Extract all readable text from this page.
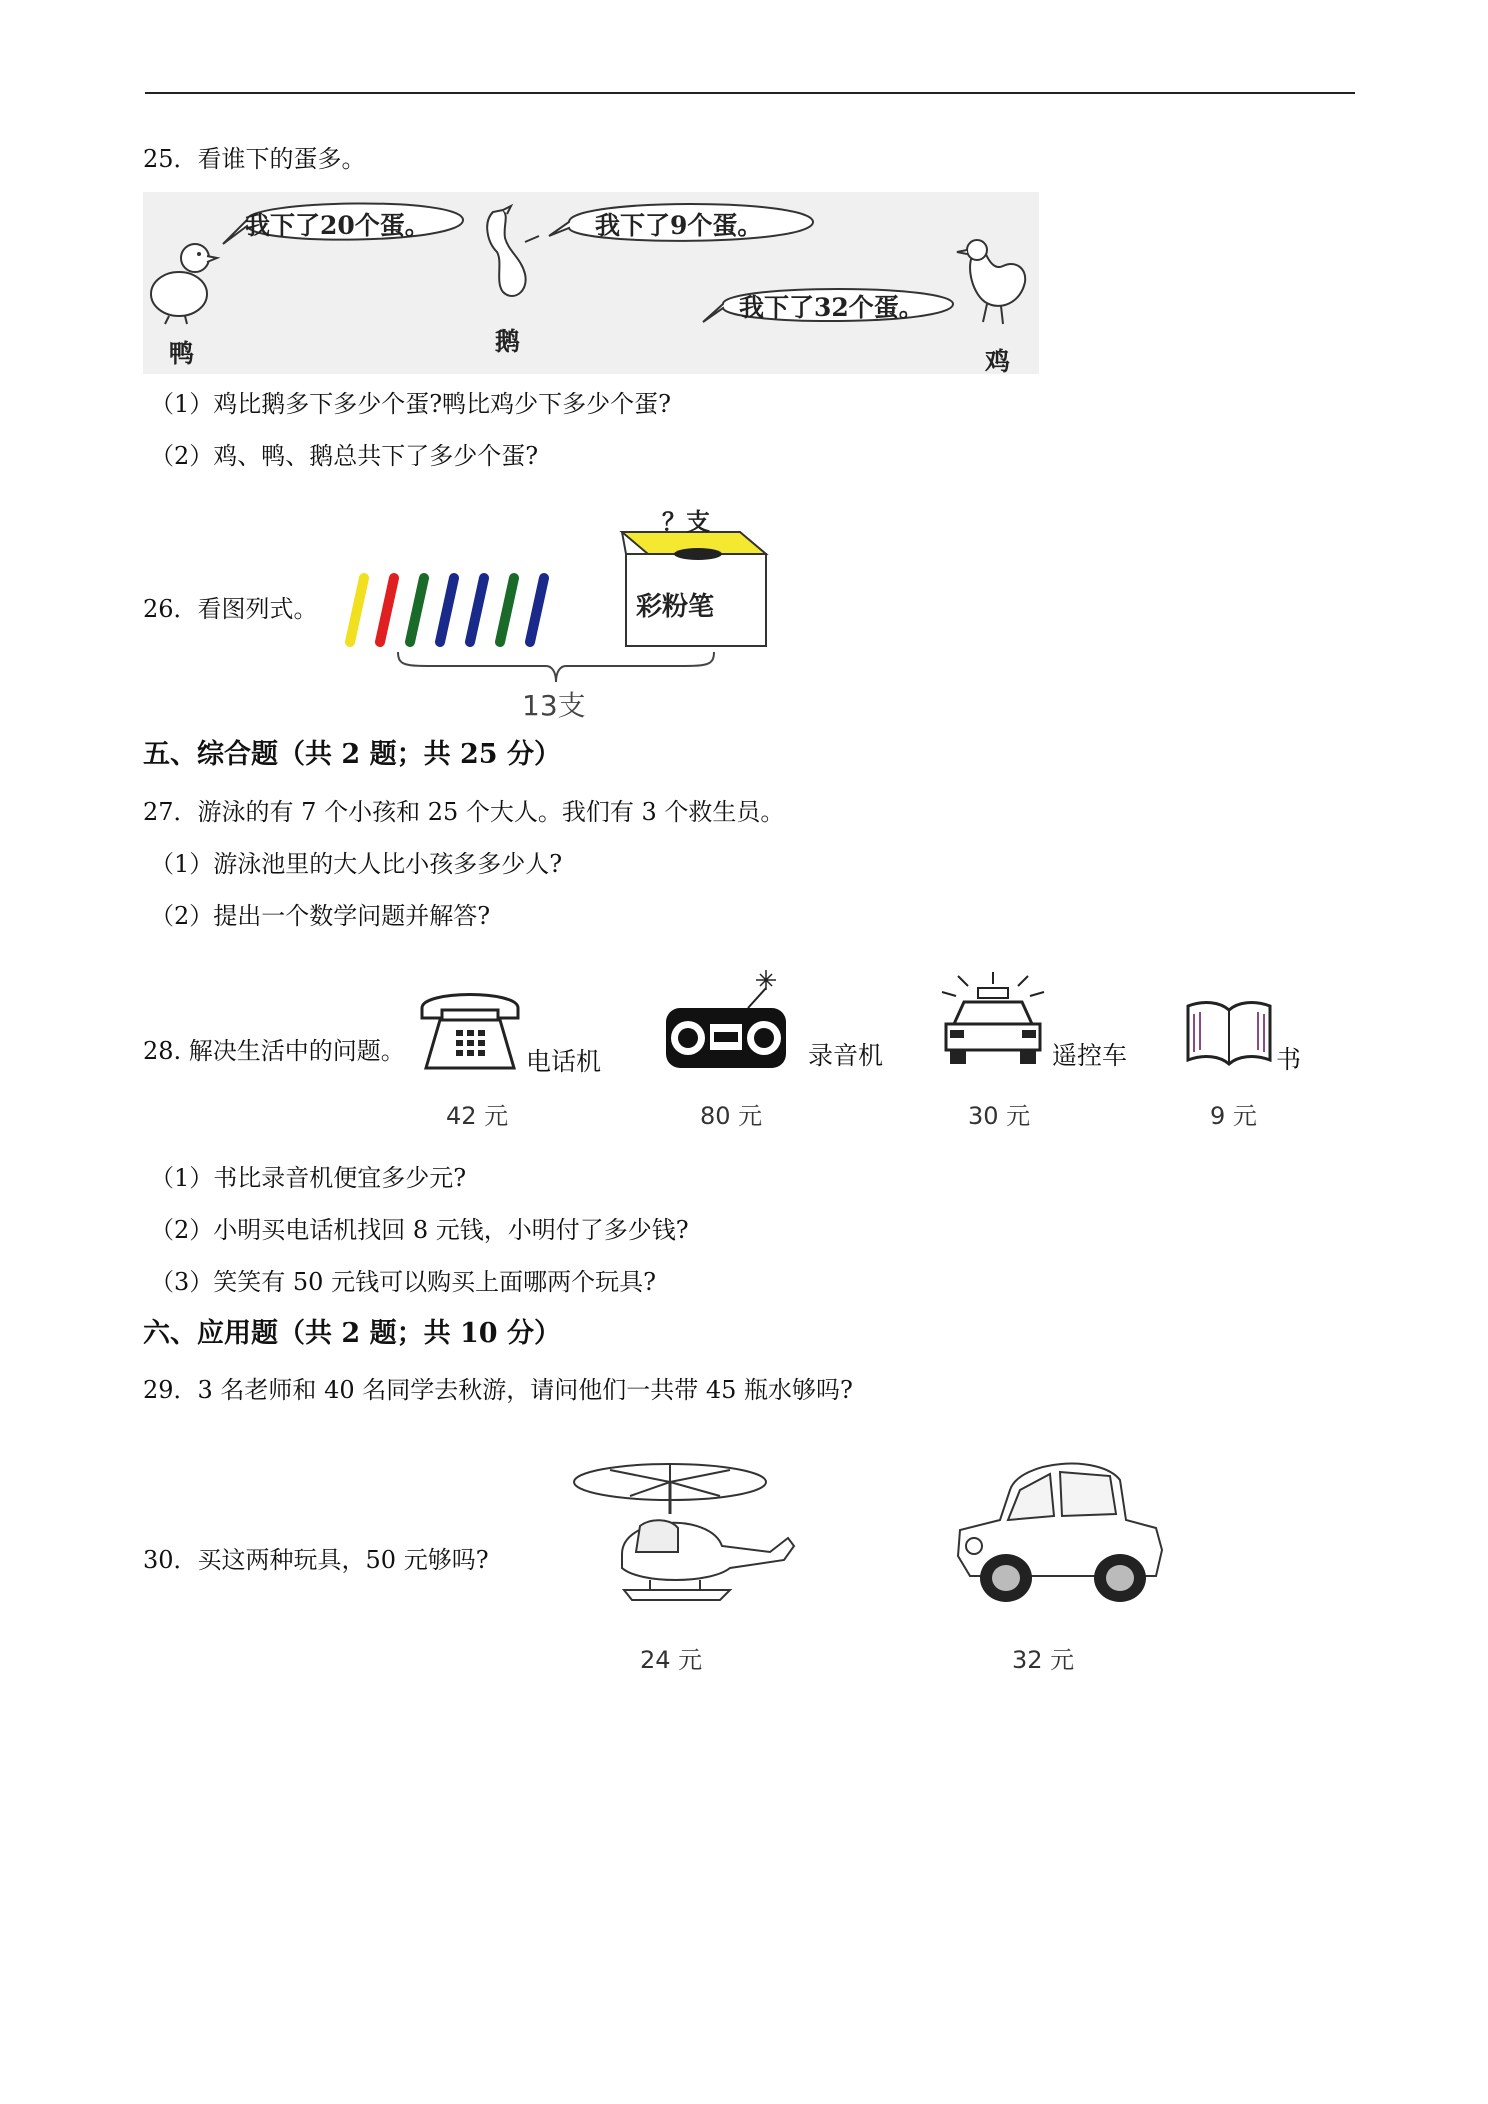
25．看谁下的蛋多。
我下了20个蛋。	我下了9个蛋。
我下了32个蛋。
鸭	鹅
鸡
（1）鸡比鹅多下多少个蛋?鸭比鸡少下多少个蛋?
（2）鸡、鸭、鹅总共下了多少个蛋?
26．看图列式。
？支
彩粉笔
13支
五、综合题（共 2 题；共 25 分）
27．游泳的有 7 个小孩和 25 个大人。我们有 3 个救生员。
（1）游泳池里的大人比小孩多多少人?
（2）提出一个数学问题并解答?
28. 解决生活中的问题。	电话机	录音机	遥控车	书
42 元	80 元	30 元	9 元
（1）书比录音机便宜多少元?
（2）小明买电话机找回 8 元钱，小明付了多少钱?
（3）笑笑有 50 元钱可以购买上面哪两个玩具?
六、应用题（共 2 题；共 10 分）
29．3 名老师和 40 名同学去秋游，请问他们一共带 45 瓶水够吗?
30．买这两种玩具，50 元够吗?
24 元	32 元
